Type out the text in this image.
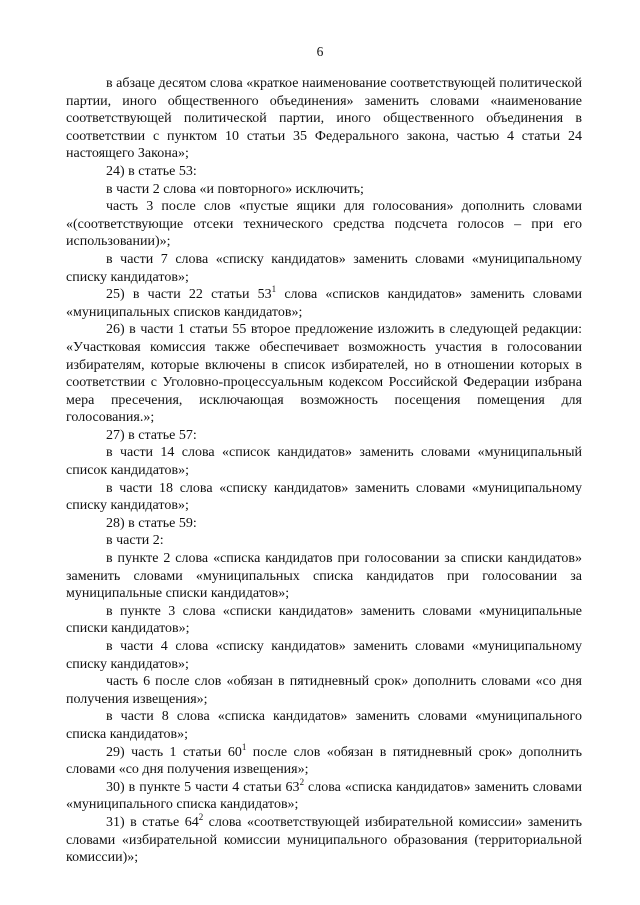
6

в абзаце десятом слова «краткое наименование соответствующей политической партии, иного общественного объединения» заменить словами «наименование соответствующей политической партии, иного общественного объединения в соответствии с пунктом 10 статьи 35 Федерального закона, частью 4 статьи 24 настоящего Закона»;

24) в статье 53:

в части 2 слова «и повторного» исключить;

часть 3 после слов «пустые ящики для голосования» дополнить словами «(соответствующие отсеки технического средства подсчета голосов – при его использовании)»;

в части 7 слова «списку кандидатов» заменить словами «муниципальному списку кандидатов»;

25) в части 22 статьи $53^1$ слова «списков кандидатов» заменить словами «муниципальных списков кандидатов»;

26) в части 1 статьи 55 второе предложение изложить в следующей редакции: «Участковая комиссия также обеспечивает возможность участия в голосовании избирателям, которые включены в список избирателей, но в отношении которых в соответствии с Уголовно-процессуальным кодексом Российской Федерации избрана мера пресечения, исключающая возможность посещения помещения для голосования.»;

27) в статье 57:

в части 14 слова «список кандидатов» заменить словами «муниципальный список кандидатов»;

в части 18 слова «списку кандидатов» заменить словами «муниципальному списку кандидатов»;

28) в статье 59:

в части 2:

в пункте 2 слова «списка кандидатов при голосовании за списки кандидатов» заменить словами «муниципальных списка кандидатов при голосовании за муниципальные списки кандидатов»;

в пункте 3 слова «списки кандидатов» заменить словами «муниципальные списки кандидатов»;

в части 4 слова «списку кандидатов» заменить словами «муниципальному списку кандидатов»;

часть 6 после слов «обязан в пятидневный срок» дополнить словами «со дня получения извещения»;

в части 8 слова «списка кандидатов» заменить словами «муниципального списка кандидатов»;

29) часть 1 статьи $60^1$ после слов «обязан в пятидневный срок» дополнить словами «со дня получения извещения»;

30) в пункте 5 части 4 статьи $63^2$ слова «списка кандидатов» заменить словами «муниципального списка кандидатов»;

31) в статье $64^2$ слова «соответствующей избирательной комиссии» заменить словами «избирательной комиссии муниципального образования (территориальной комиссии)»;
